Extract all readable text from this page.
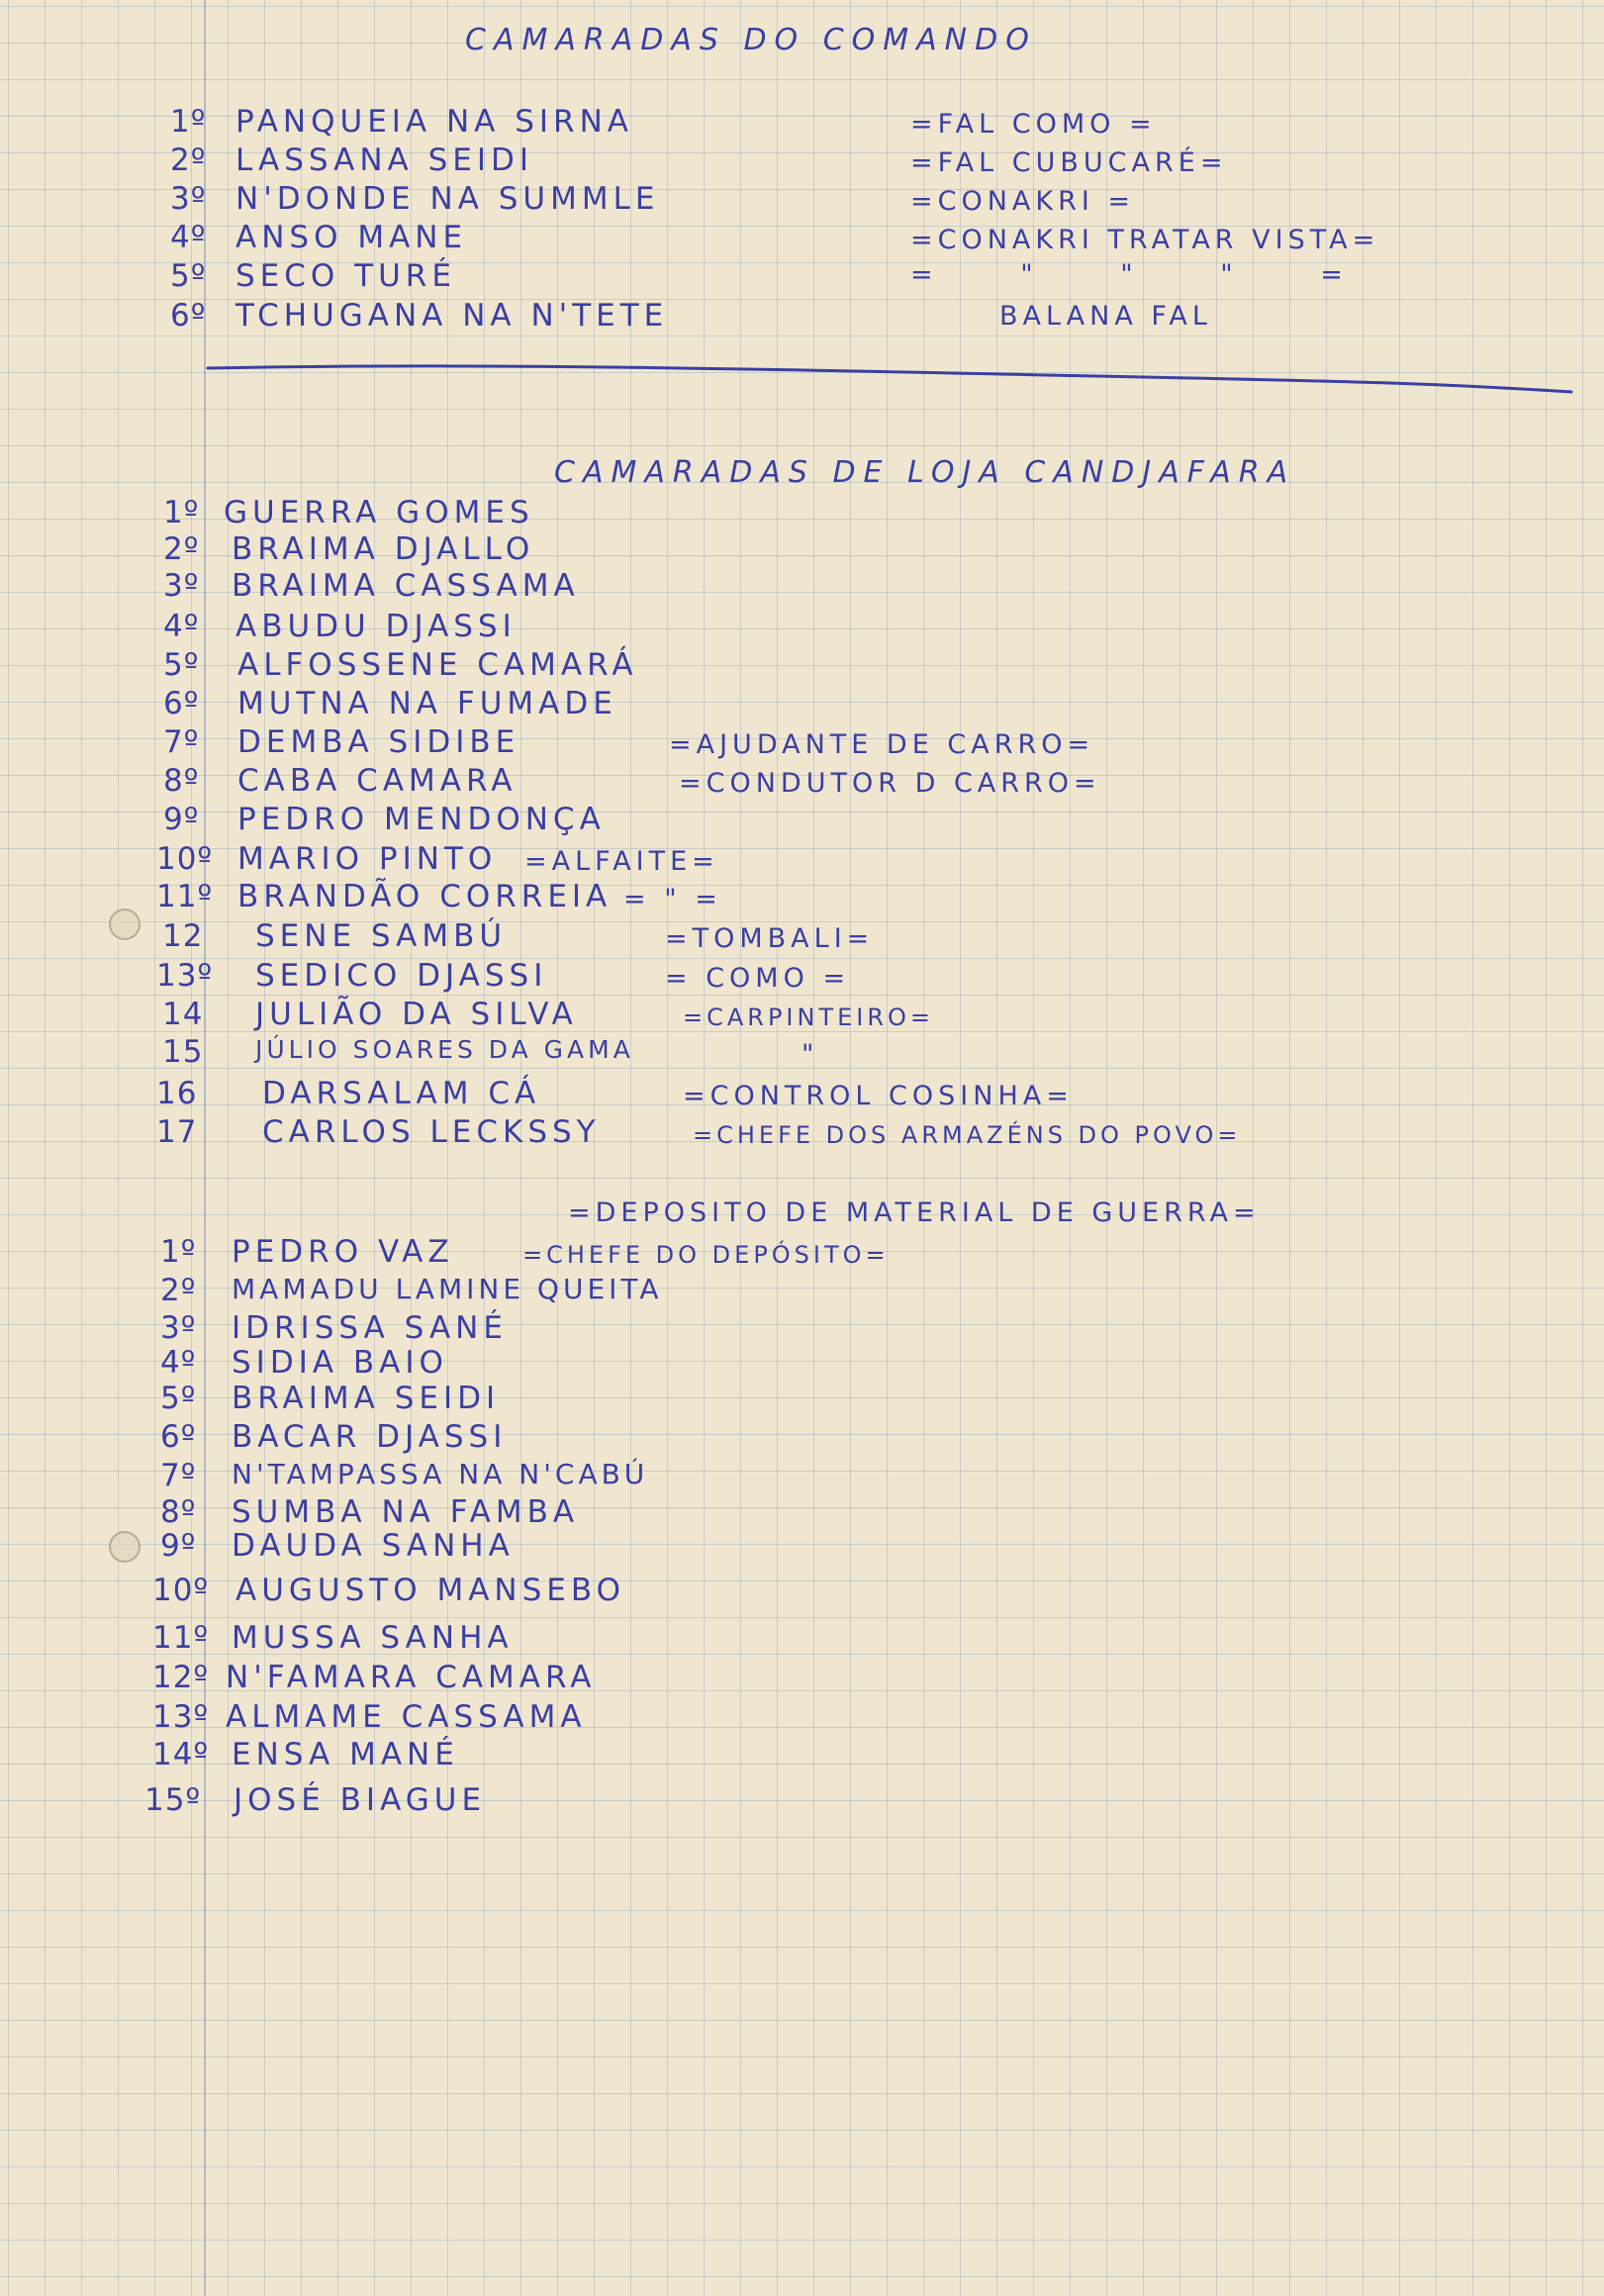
CAMARADAS DO COMANDO
1º PANQUEIA NA SIRNA	=FAL COMO =
2º LASSANA SEIDI	=FAL CUBUCARÉ=
3º N'DONDE NA SUMMLE	=CONAKRI =
4º ANSO MANE	=CONAKRI TRATAR VISTA=
5º SECO TURÉ	= " " " =
6º TCHUGANA NA N'TETE	BALANA FAL
CAMARADAS DE LOJA CANDJAFARA
1º GUERRA GOMES
2º BRAIMA DJALLO
3º BRAIMA CASSAMA
4º ABUDU DJASSI
5º ALFOSSENE CAMARÁ
6º MUTNA NA FUMADE
7º DEMBA SIDIBE	=AJUDANTE DE CARRO=
8º CABA CAMARA	=CONDUTOR D CARRO=
9º PEDRO MENDONÇA
10º MARIO PINTO =ALFAITE=
11º BRANDÃO CORREIA = " =
12 SENE SAMBÚ	=TOMBALI=
13º SEDICO DJASSI	= COMO =
14 JULIÃO DA SILVA	=CARPINTEIRO=
15 JÚLIO SOARES DA GAMA	"
16 DARSALAM CÁ	=CONTROL COSINHA=
17 CARLOS LECKSSY	=CHEFE DOS ARMAZÉNS DO POVO=
=DEPOSITO DE MATERIAL DE GUERRA=
1º PEDRO VAZ	=CHEFE DO DEPÓSITO=
2º MAMADU LAMINE QUEITA
3º IDRISSA SANÉ
4º SIDIA BAIO
5º BRAIMA SEIDI
6º BACAR DJASSI
7º N'TAMPASSA NA N'CABÚ
8º SUMBA NA FAMBA
9º DAUDA SANHA
10º AUGUSTO MANSEBO
11º MUSSA SANHA
12º N'FAMARA CAMARA
13º ALMAME CASSAMA
14º ENSA MANÉ
15º JOSÉ BIAGUE
